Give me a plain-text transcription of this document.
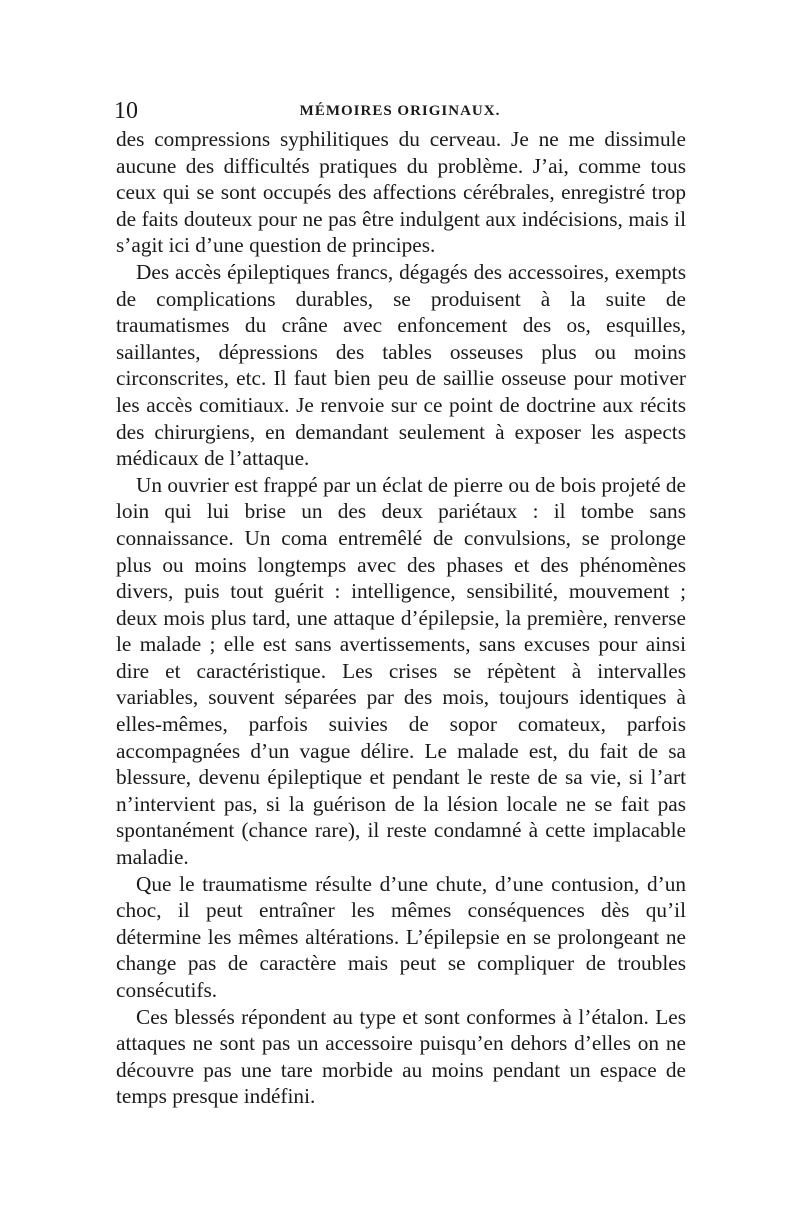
10	MÉMOIRES ORIGINAUX.

des compressions syphilitiques du cerveau. Je ne me dissimule aucune des difficultés pratiques du problème. J’ai, comme tous ceux qui se sont occupés des affections cérébrales, enregistré trop de faits douteux pour ne pas être indulgent aux indécisions, mais il s’agit ici d’une question de principes.

Des accès épileptiques francs, dégagés des accessoires, exempts de complications durables, se produisent à la suite de traumatismes du crâne avec enfoncement des os, esquilles, saillantes, dépressions des tables osseuses plus ou moins circonscrites, etc. Il faut bien peu de saillie osseuse pour motiver les accès comitiaux. Je renvoie sur ce point de doctrine aux récits des chirurgiens, en demandant seulement à exposer les aspects médicaux de l’attaque.

Un ouvrier est frappé par un éclat de pierre ou de bois projeté de loin qui lui brise un des deux pariétaux : il tombe sans connaissance. Un coma entremêlé de convulsions, se prolonge plus ou moins longtemps avec des phases et des phénomènes divers, puis tout guérit : intelligence, sensibilité, mouvement ; deux mois plus tard, une attaque d’épilepsie, la première, renverse le malade ; elle est sans avertissements, sans excuses pour ainsi dire et caractéristique. Les crises se répètent à intervalles variables, souvent séparées par des mois, toujours identiques à elles-mêmes, parfois suivies de sopor comateux, parfois accompagnées d’un vague délire. Le malade est, du fait de sa blessure, devenu épileptique et pendant le reste de sa vie, si l’art n’intervient pas, si la guérison de la lésion locale ne se fait pas spontanément (chance rare), il reste condamné à cette implacable maladie.

Que le traumatisme résulte d’une chute, d’une contusion, d’un choc, il peut entraîner les mêmes conséquences dès qu’il détermine les mêmes altérations. L’épilepsie en se prolongeant ne change pas de caractère mais peut se compliquer de troubles consécutifs.

Ces blessés répondent au type et sont conformes à l’étalon. Les attaques ne sont pas un accessoire puisqu’en dehors d’elles on ne découvre pas une tare morbide au moins pendant un espace de temps presque indéfini.
